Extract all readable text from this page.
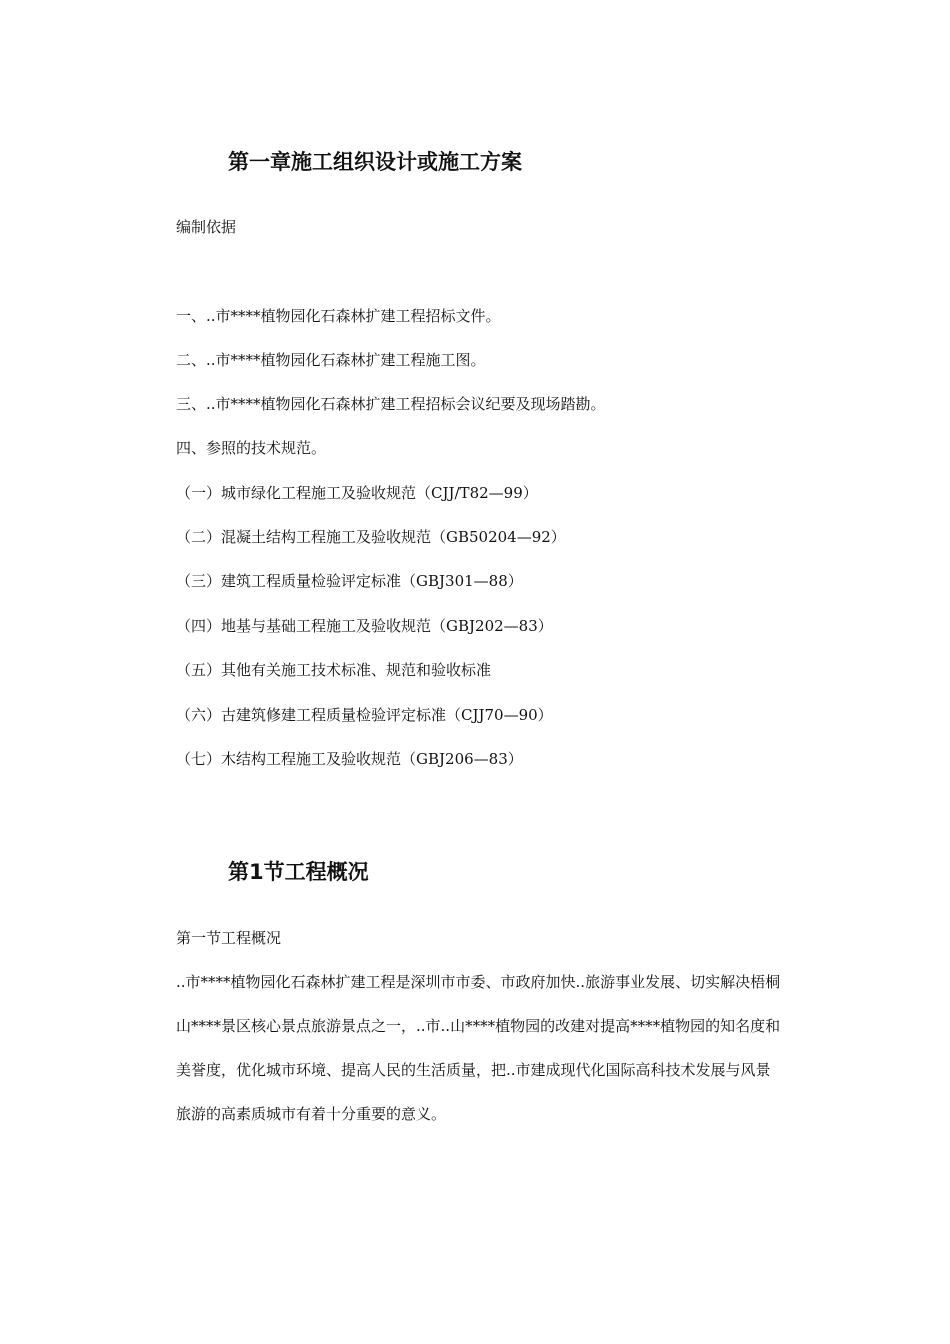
第一章施工组织设计或施工方案
编制依据
一、..市****植物园化石森林扩建工程招标文件。
二、..市****植物园化石森林扩建工程施工图。
三、..市****植物园化石森林扩建工程招标会议纪要及现场踏勘。
四、参照的技术规范。
（一）城市绿化工程施工及验收规范（CJJ/T82—99）
（二）混凝土结构工程施工及验收规范（GB50204—92）
（三）建筑工程质量检验评定标准（GBJ301—88）
（四）地基与基础工程施工及验收规范（GBJ202—83）
（五）其他有关施工技术标准、规范和验收标准
（六）古建筑修建工程质量检验评定标准（CJJ70—90）
（七）木结构工程施工及验收规范（GBJ206—83）
第1节工程概况
第一节工程概况
..市****植物园化石森林扩建工程是深圳市市委、市政府加快..旅游事业发展、切实解决梧桐
山****景区核心景点旅游景点之一，..市..山****植物园的改建对提高****植物园的知名度和
美誉度，优化城市环境、提高人民的生活质量，把..市建成现代化国际高科技术发展与风景
旅游的高素质城市有着十分重要的意义。
